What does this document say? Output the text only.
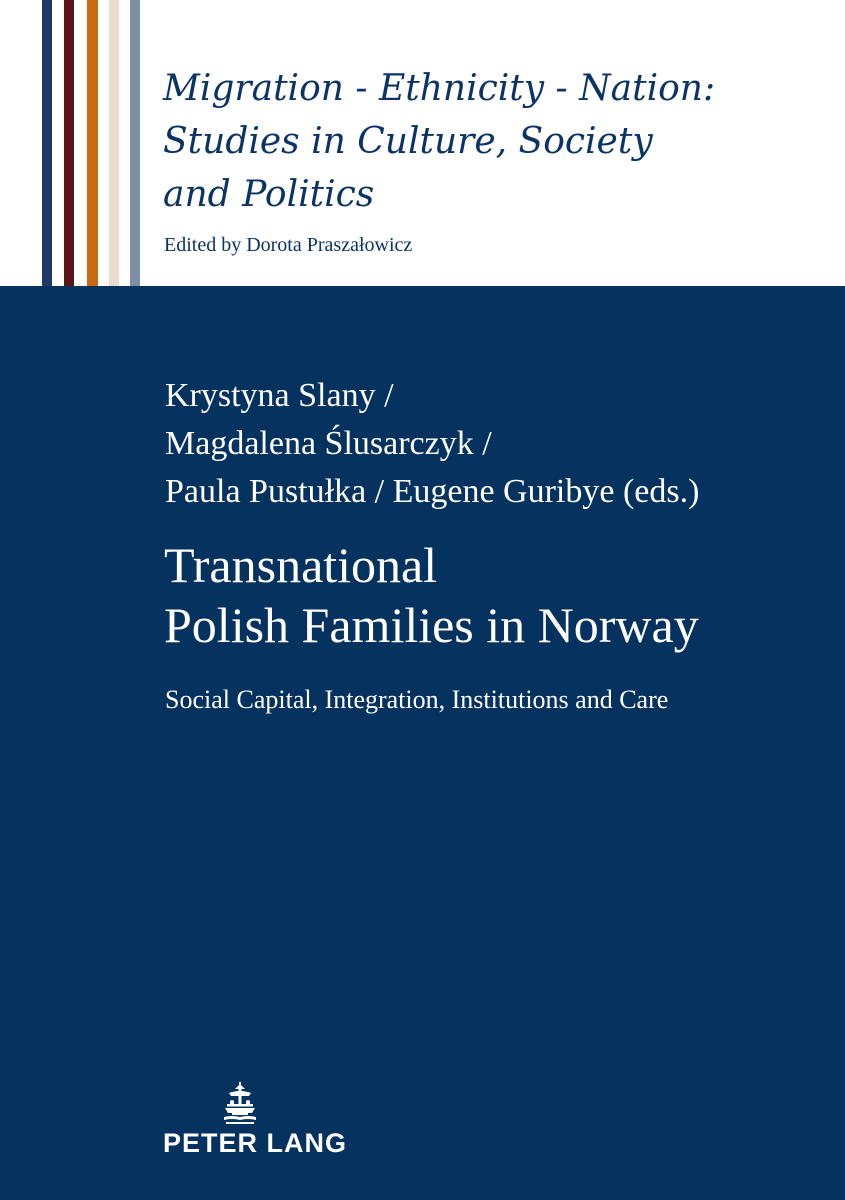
Migration - Ethnicity - Nation:
Studies in Culture, Society
and Politics
Edited by Dorota Praszałowicz
Krystyna Slany /
Magdalena Ślusarczyk /
Paula Pustułka / Eugene Guribye (eds.)
Transnational
Polish Families in Norway
Social Capital, Integration, Institutions and Care
PETER LANG
